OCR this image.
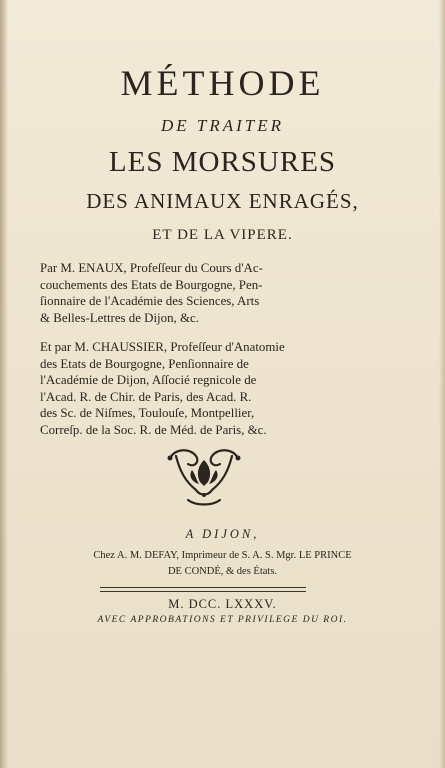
MÉTHODE
DE TRAITER
LES MORSURES
DES ANIMAUX ENRAGÉS,
ET DE LA VIPERE.
Par M. ENAUX, Profeſſeur du Cours d'Ac-
couchements des Etats de Bourgogne, Pen-
ſionnaire de l'Académie des Sciences, Arts
& Belles-Lettres de Dijon, &c.
Et par M. CHAUSSIER, Profeſſeur d'Anatomie
des Etats de Bourgogne, Penſionnaire de
l'Académie de Dijon, Aſſocié regnicole de
l'Acad. R. de Chir. de Paris, des Acad. R.
des Sc. de Niſmes, Toulouſe, Montpellier,
Correſp. de la Soc. R. de Méd. de Paris, &c.
A DIJON,
Chez A. M. DEFAY, Imprimeur de S. A. S. Mgr. LE PRINCE
DE CONDÉ, & des États.
M. DCC. LXXXV.
AVEC APPROBATIONS ET PRIVILEGE DU ROI.
